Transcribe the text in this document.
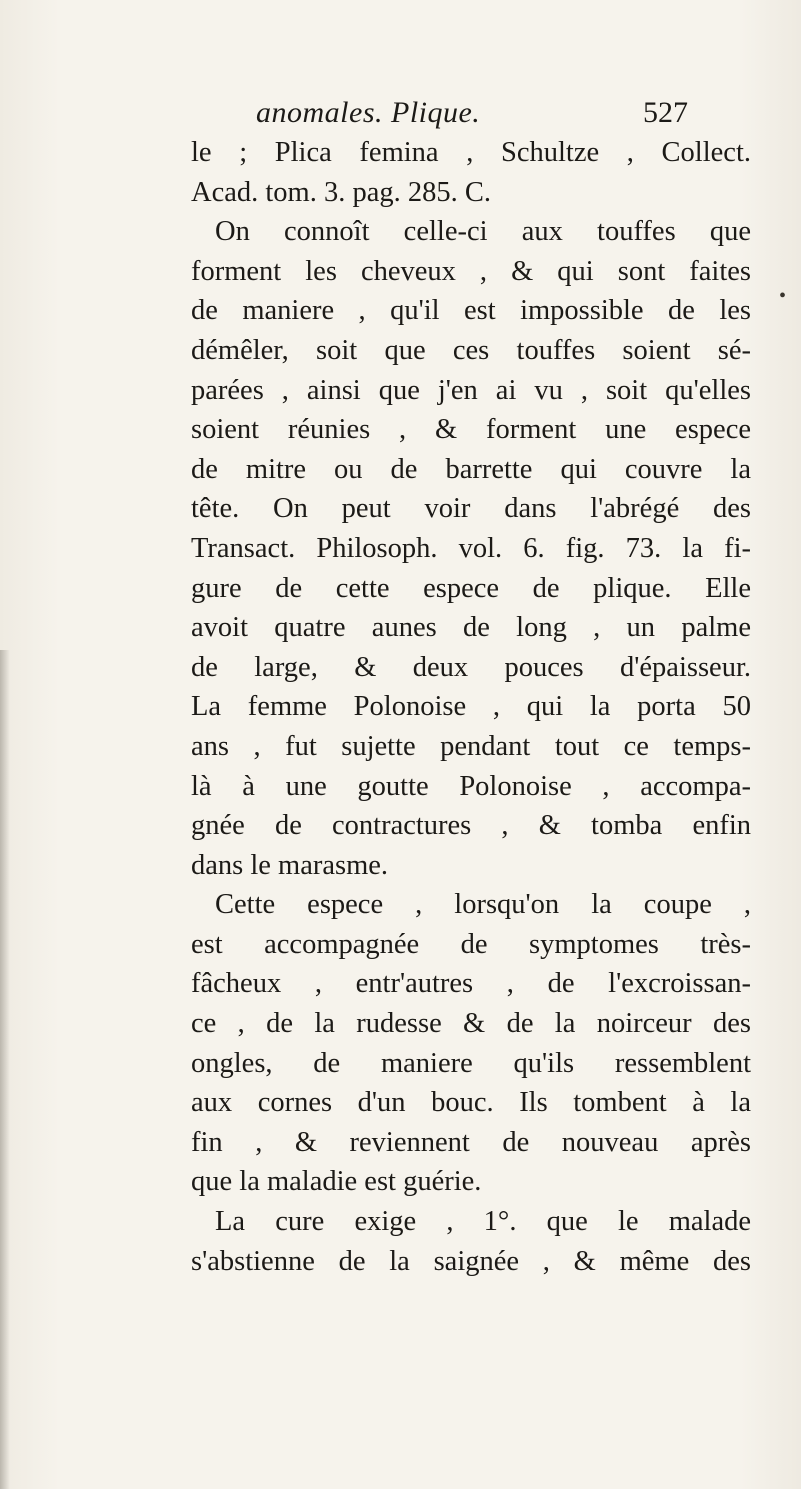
anomales. Plique.	527
le ; Plica femina , Schultze , Collect.
Acad. tom. 3. pag. 285. C.
On connoît celle-ci aux touffes que
forment les cheveux , & qui sont faites
de maniere , qu'il est impossible de les
démêler, soit que ces touffes soient sé-
parées , ainsi que j'en ai vu , soit qu'elles
soient réunies , & forment une espece
de mitre ou de barrette qui couvre la
tête. On peut voir dans l'abrégé des
Transact. Philosoph. vol. 6. fig. 73. la fi-
gure de cette espece de plique. Elle
avoit quatre aunes de long , un palme
de large, & deux pouces d'épaisseur.
La femme Polonoise , qui la porta 50
ans , fut sujette pendant tout ce temps-
là à une goutte Polonoise , accompa-
gnée de contractures , & tomba enfin
dans le marasme.
Cette espece , lorsqu'on la coupe ,
est accompagnée de symptomes très-
fâcheux , entr'autres , de l'excroissan-
ce , de la rudesse & de la noirceur des
ongles, de maniere qu'ils ressemblent
aux cornes d'un bouc. Ils tombent à la
fin , & reviennent de nouveau après
que la maladie est guérie.
La cure exige , 1°. que le malade
s'abstienne de la saignée , & même des
•
